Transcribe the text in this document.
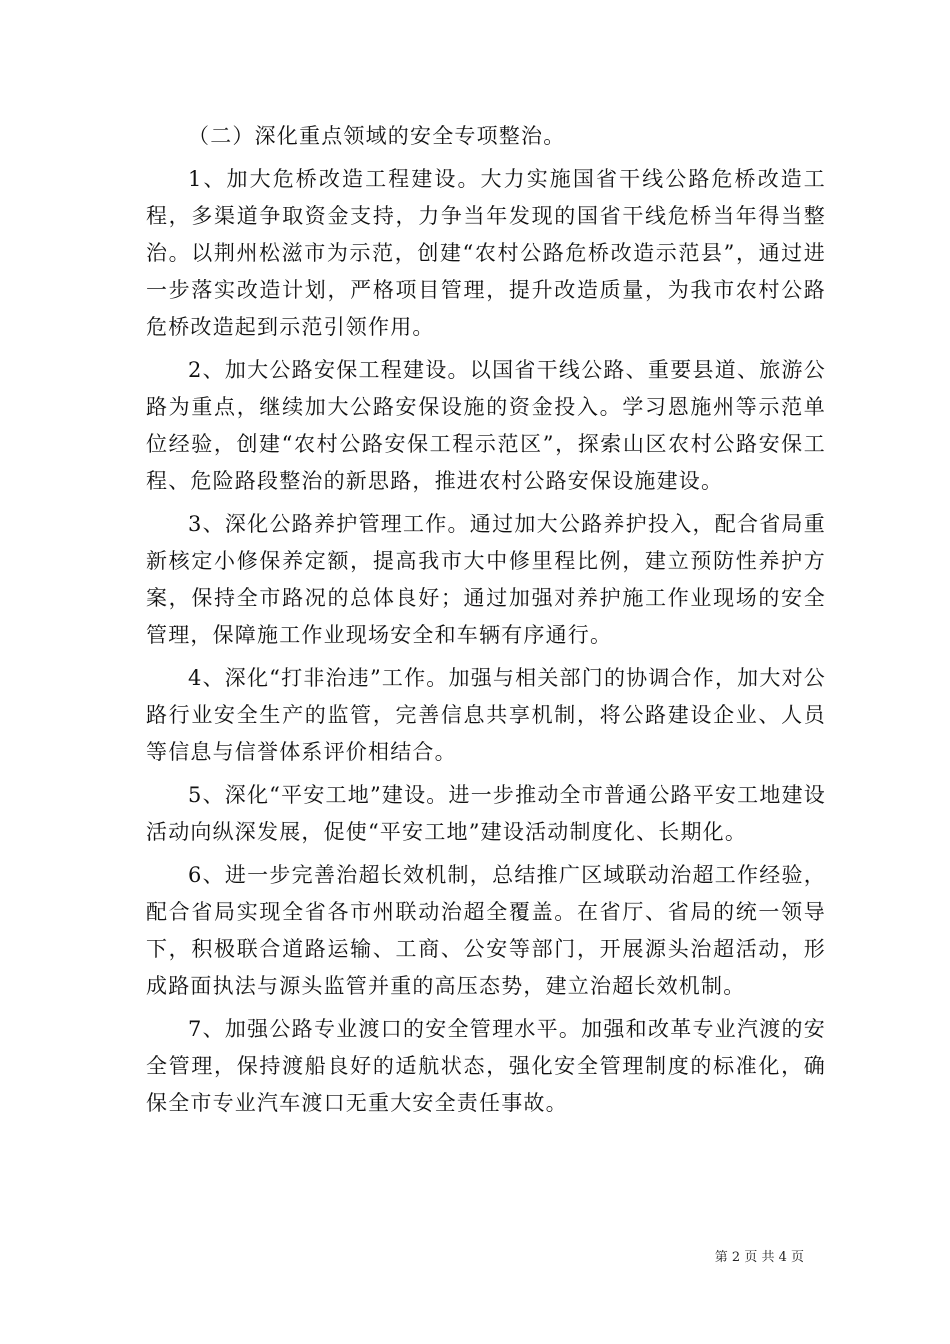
（二）深化重点领域的安全专项整治。

1、加大危桥改造工程建设。大力实施国省干线公路危桥改造工程，多渠道争取资金支持，力争当年发现的国省干线危桥当年得当整治。以荆州松滋市为示范，创建“农村公路危桥改造示范县”，通过进一步落实改造计划，严格项目管理，提升改造质量，为我市农村公路危桥改造起到示范引领作用。

2、加大公路安保工程建设。以国省干线公路、重要县道、旅游公路为重点，继续加大公路安保设施的资金投入。学习恩施州等示范单位经验，创建“农村公路安保工程示范区”，探索山区农村公路安保工程、危险路段整治的新思路，推进农村公路安保设施建设。

3、深化公路养护管理工作。通过加大公路养护投入，配合省局重新核定小修保养定额，提高我市大中修里程比例，建立预防性养护方案，保持全市路况的总体良好；通过加强对养护施工作业现场的安全管理，保障施工作业现场安全和车辆有序通行。

4、深化“打非治违”工作。加强与相关部门的协调合作，加大对公路行业安全生产的监管，完善信息共享机制，将公路建设企业、人员等信息与信誉体系评价相结合。

5、深化“平安工地”建设。进一步推动全市普通公路平安工地建设活动向纵深发展，促使“平安工地”建设活动制度化、长期化。

6、进一步完善治超长效机制，总结推广区域联动治超工作经验，配合省局实现全省各市州联动治超全覆盖。在省厅、省局的统一领导下，积极联合道路运输、工商、公安等部门，开展源头治超活动，形成路面执法与源头监管并重的高压态势，建立治超长效机制。

7、加强公路专业渡口的安全管理水平。加强和改革专业汽渡的安全管理，保持渡船良好的适航状态，强化安全管理制度的标准化，确保全市专业汽车渡口无重大安全责任事故。

第 2 页 共 4 页
